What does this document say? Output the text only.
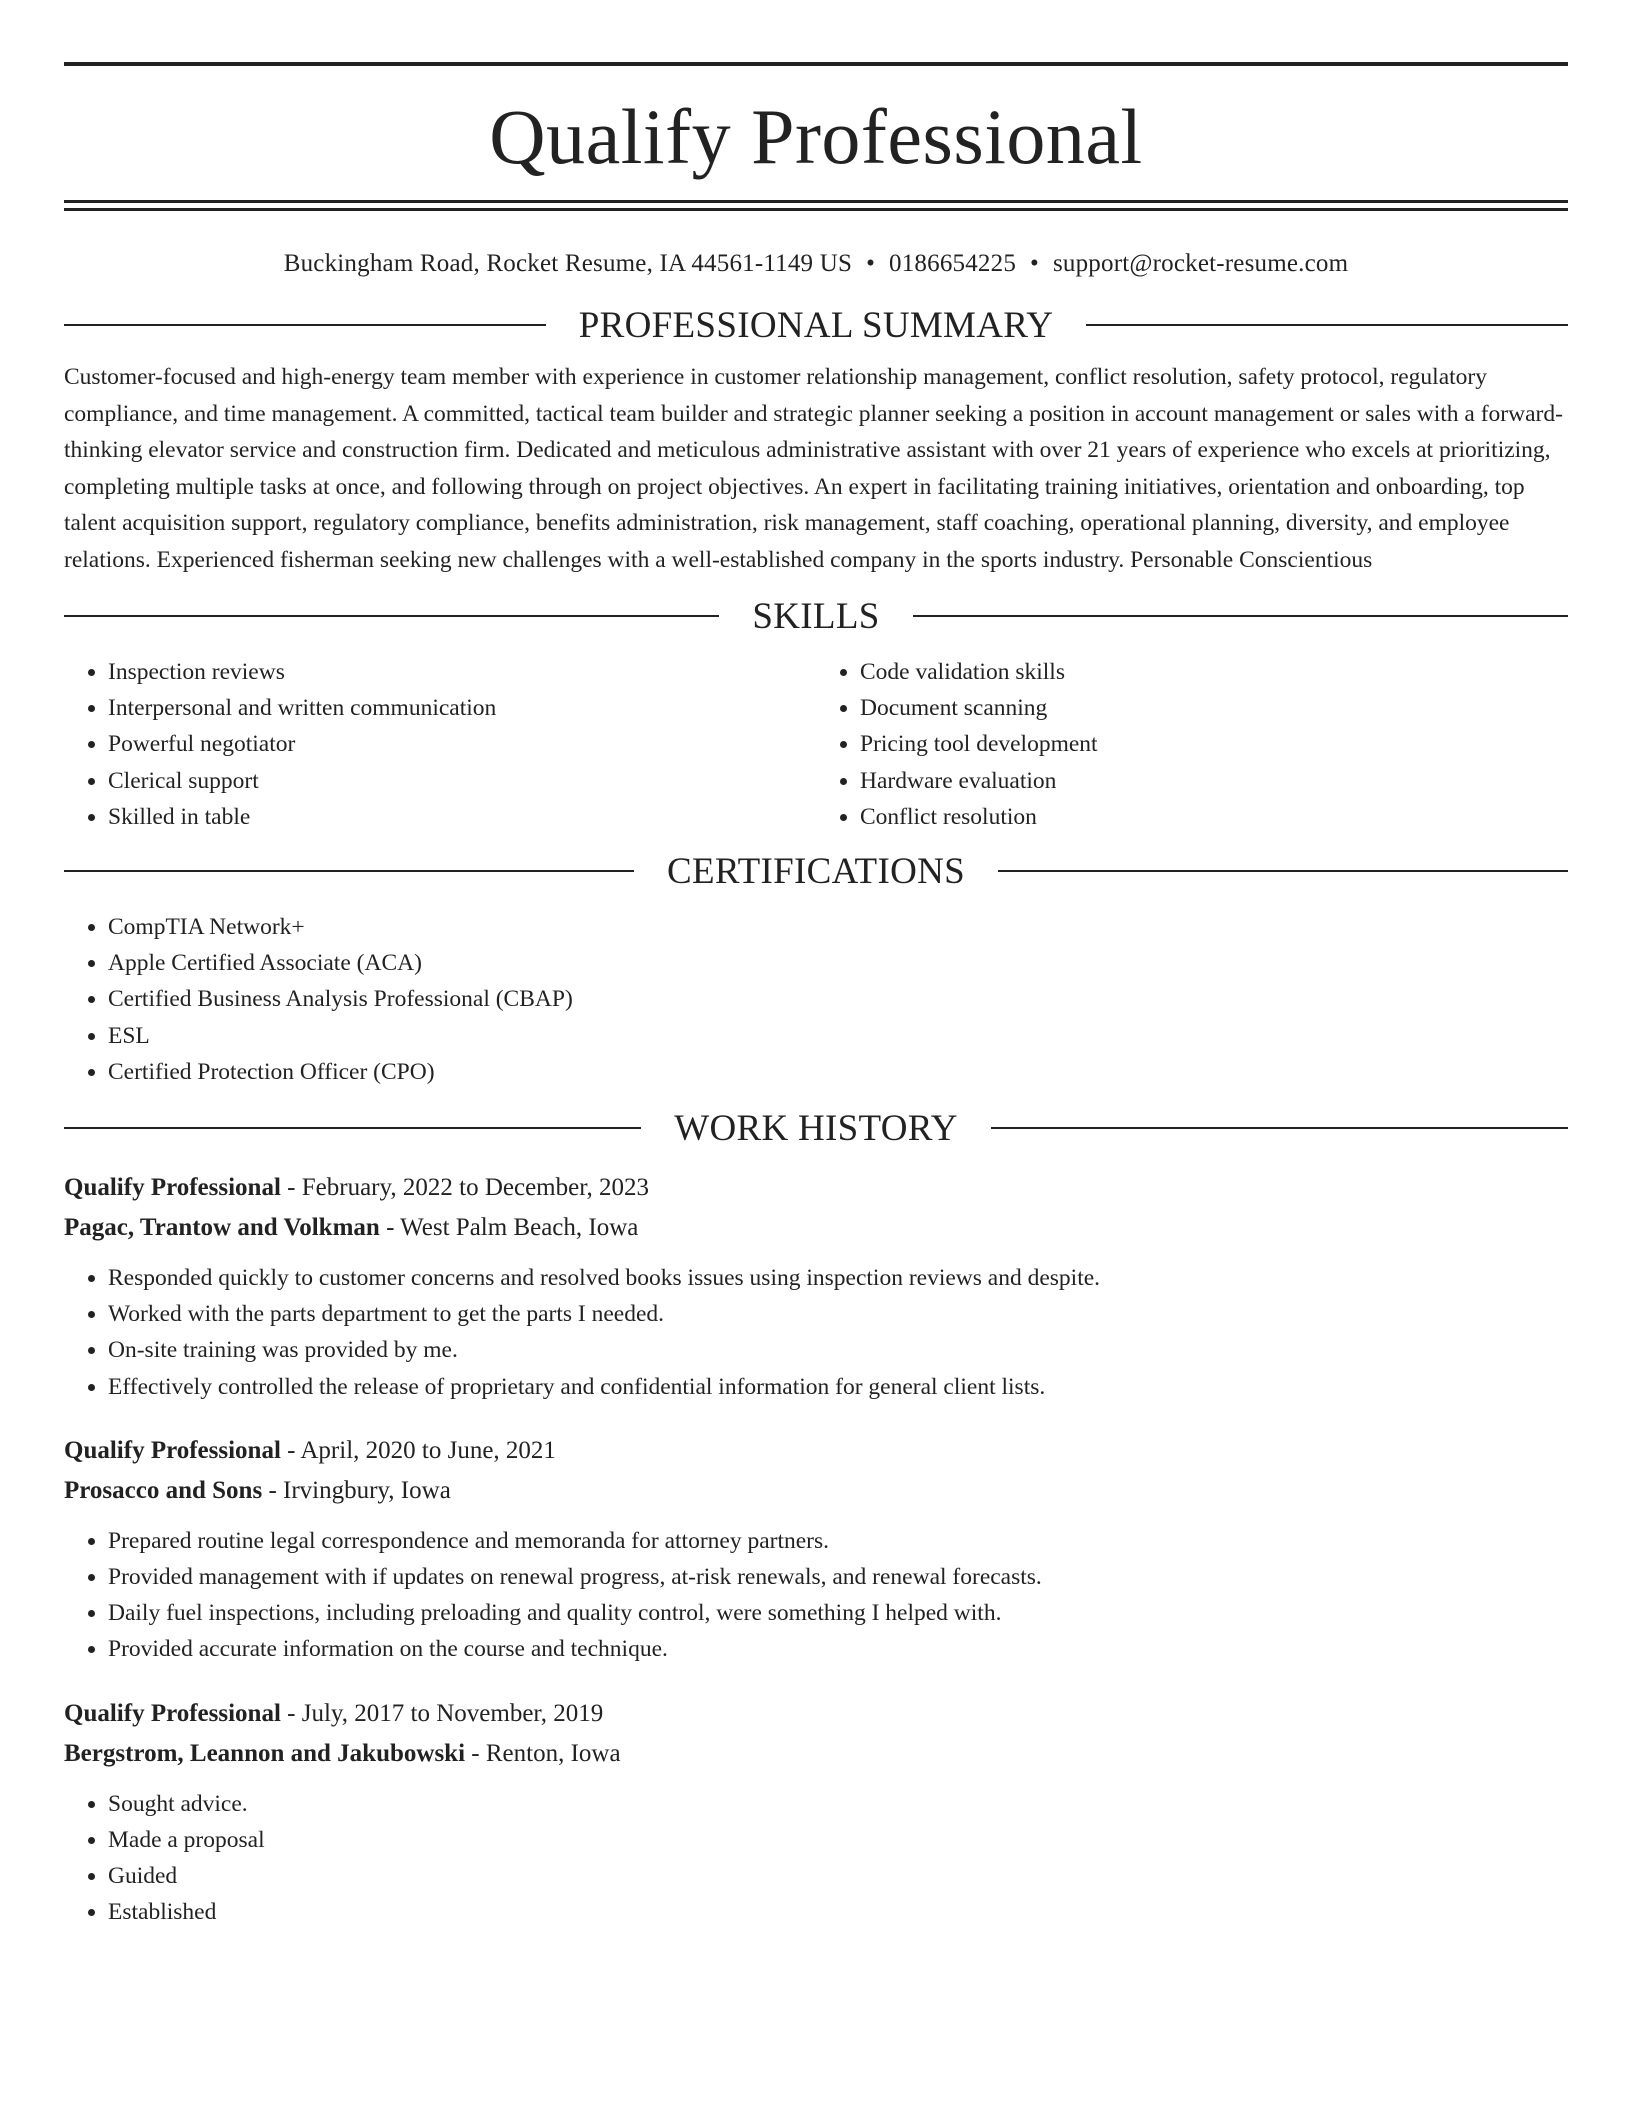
Qualify Professional
Buckingham Road, Rocket Resume, IA 44561-1149 US • 0186654225 • support@rocket-resume.com
PROFESSIONAL SUMMARY
Customer-focused and high-energy team member with experience in customer relationship management, conflict resolution, safety protocol, regulatory compliance, and time management. A committed, tactical team builder and strategic planner seeking a position in account management or sales with a forward-thinking elevator service and construction firm. Dedicated and meticulous administrative assistant with over 21 years of experience who excels at prioritizing, completing multiple tasks at once, and following through on project objectives. An expert in facilitating training initiatives, orientation and onboarding, top talent acquisition support, regulatory compliance, benefits administration, risk management, staff coaching, operational planning, diversity, and employee relations. Experienced fisherman seeking new challenges with a well-established company in the sports industry. Personable Conscientious
SKILLS
• Inspection reviews
• Interpersonal and written communication
• Powerful negotiator
• Clerical support
• Skilled in table
• Code validation skills
• Document scanning
• Pricing tool development
• Hardware evaluation
• Conflict resolution
CERTIFICATIONS
• CompTIA Network+
• Apple Certified Associate (ACA)
• Certified Business Analysis Professional (CBAP)
• ESL
• Certified Protection Officer (CPO)
WORK HISTORY
Qualify Professional - February, 2022 to December, 2023
Pagac, Trantow and Volkman - West Palm Beach, Iowa
• Responded quickly to customer concerns and resolved books issues using inspection reviews and despite.
• Worked with the parts department to get the parts I needed.
• On-site training was provided by me.
• Effectively controlled the release of proprietary and confidential information for general client lists.
Qualify Professional - April, 2020 to June, 2021
Prosacco and Sons - Irvingbury, Iowa
• Prepared routine legal correspondence and memoranda for attorney partners.
• Provided management with if updates on renewal progress, at-risk renewals, and renewal forecasts.
• Daily fuel inspections, including preloading and quality control, were something I helped with.
• Provided accurate information on the course and technique.
Qualify Professional - July, 2017 to November, 2019
Bergstrom, Leannon and Jakubowski - Renton, Iowa
• Sought advice.
• Made a proposal
• Guided
• Established
